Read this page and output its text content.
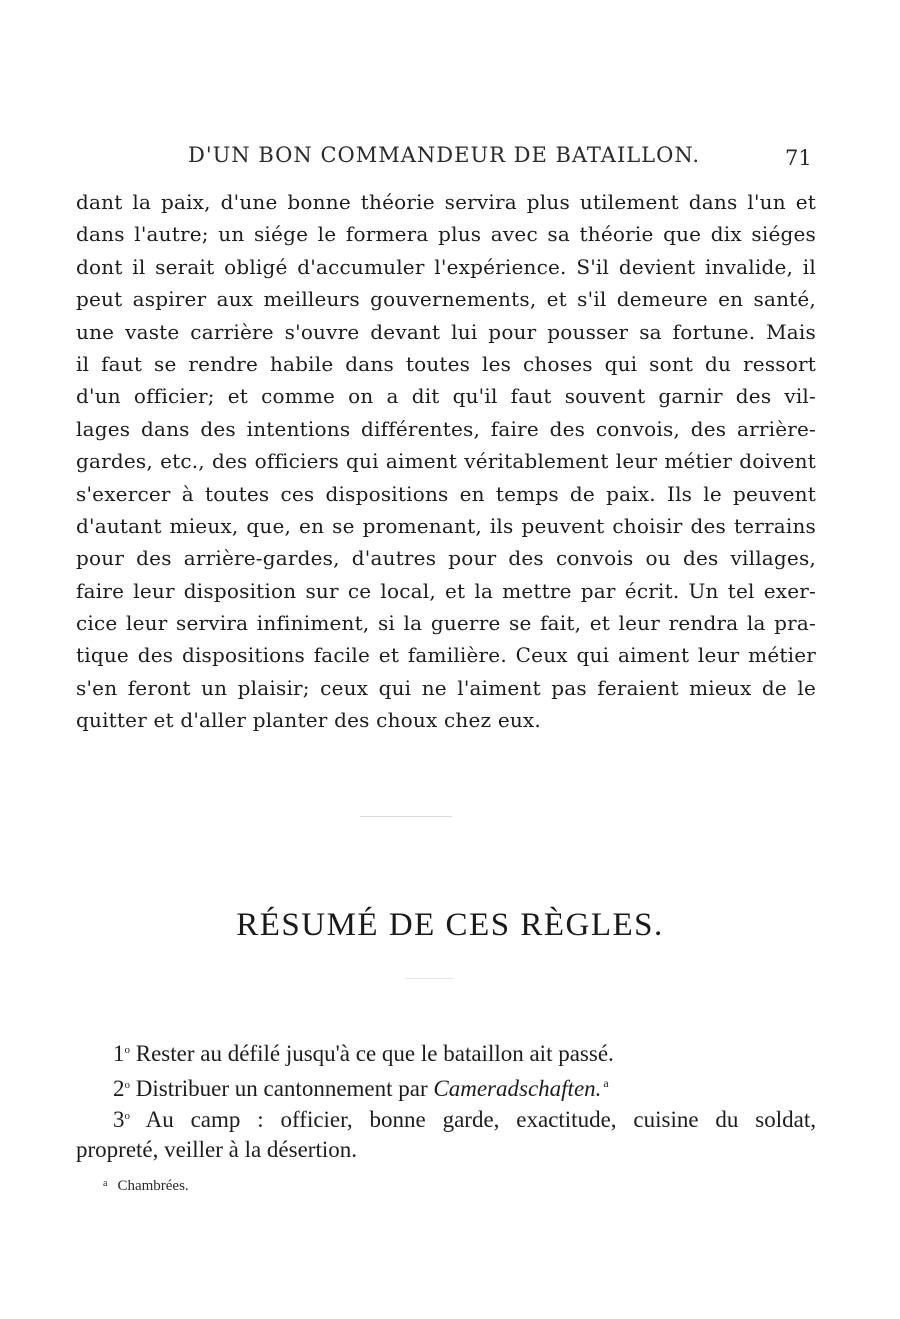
D'UN BON COMMANDEUR DE BATAILLON.	71
dant la paix, d'une bonne théorie servira plus utilement dans l'un et
dans l'autre; un siége le formera plus avec sa théorie que dix siéges
dont il serait obligé d'accumuler l'expérience. S'il devient invalide, il
peut aspirer aux meilleurs gouvernements, et s'il demeure en santé,
une vaste carrière s'ouvre devant lui pour pousser sa fortune. Mais
il faut se rendre habile dans toutes les choses qui sont du ressort
d'un officier; et comme on a dit qu'il faut souvent garnir des vil-
lages dans des intentions différentes, faire des convois, des arrière-
gardes, etc., des officiers qui aiment véritablement leur métier doivent
s'exercer à toutes ces dispositions en temps de paix. Ils le peuvent
d'autant mieux, que, en se promenant, ils peuvent choisir des terrains
pour des arrière-gardes, d'autres pour des convois ou des villages,
faire leur disposition sur ce local, et la mettre par écrit. Un tel exer-
cice leur servira infiniment, si la guerre se fait, et leur rendra la pra-
tique des dispositions facile et familière. Ceux qui aiment leur métier
s'en feront un plaisir; ceux qui ne l'aiment pas feraient mieux de le
quitter et d'aller planter des choux chez eux.
RÉSUMÉ DE CES RÈGLES.
1$^o$ Rester au défilé jusqu'à ce que le bataillon ait passé.
2$^o$ Distribuer un cantonnement par Cameradschaften. $^a$
3$^o$ Au camp : officier, bonne garde, exactitude, cuisine du soldat,
propreté, veiller à la désertion.
$^a$ Chambrées.
